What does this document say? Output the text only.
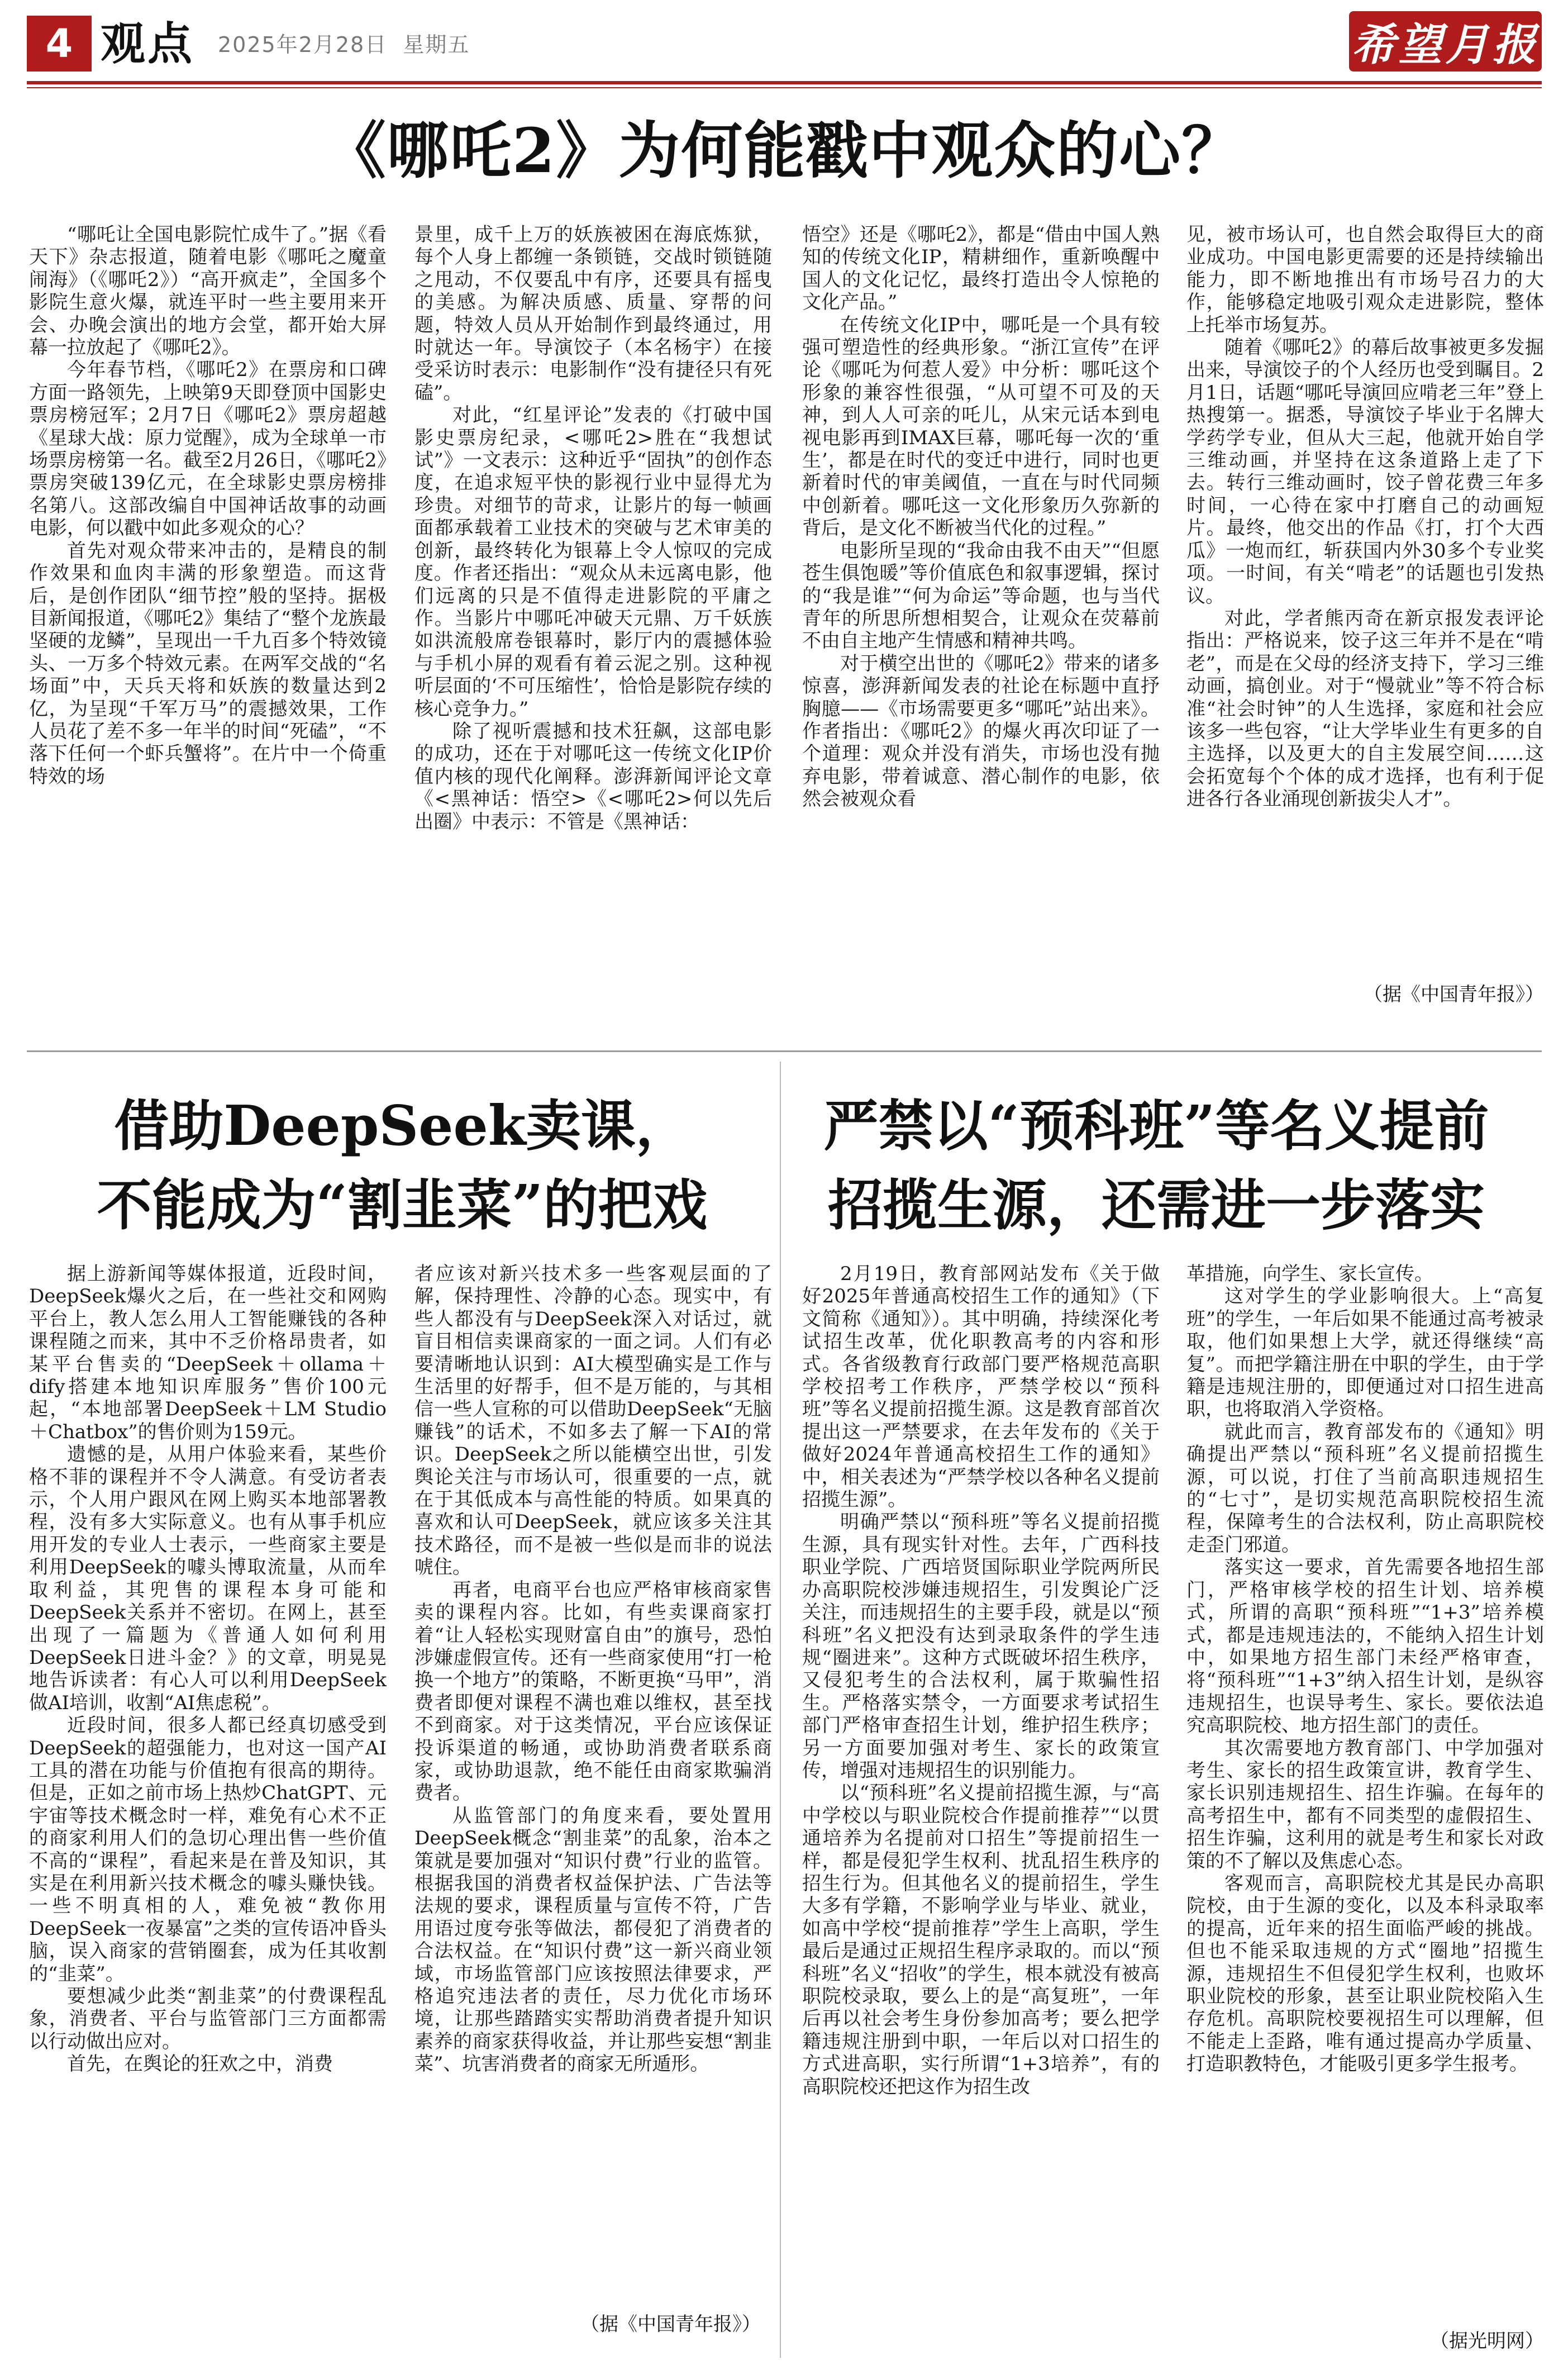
4 观点 2025年2月28日 星期五	希望月报
《哪吒2》为何能戳中观众的心？

“哪吒让全国电影院忙成牛了。”据《看天下》杂志报道，随着电影《哪吒之魔童闹海》（《哪吒2》）“高开疯走”，全国多个影院生意火爆，就连平时一些主要用来开会、办晚会演出的地方会堂，都开始大屏幕一拉放起了《哪吒2》。

今年春节档，《哪吒2》在票房和口碑方面一路领先，上映第9天即登顶中国影史票房榜冠军；2月7日《哪吒2》票房超越《星球大战：原力觉醒》，成为全球单一市场票房榜第一名。截至2月26日，《哪吒2》票房突破139亿元，在全球影史票房榜排名第八。这部改编自中国神话故事的动画电影，何以戳中如此多观众的心？

首先对观众带来冲击的，是精良的制作效果和血肉丰满的形象塑造。而这背后，是创作团队“细节控”般的坚持。据极目新闻报道，《哪吒2》集结了“整个龙族最坚硬的龙鳞”，呈现出一千九百多个特效镜头、一万多个特效元素。在两军交战的“名场面”中，天兵天将和妖族的数量达到2亿，为呈现“千军万马”的震撼效果，工作人员花了差不多一年半的时间“死磕”，“不落下任何一个虾兵蟹将”。在片中一个倚重特效的场

景里，成千上万的妖族被困在海底炼狱，每个人身上都缠一条锁链，交战时锁链随之甩动，不仅要乱中有序，还要具有摇曳的美感。为解决质感、质量、穿帮的问题，特效人员从开始制作到最终通过，用时就达一年。导演饺子（本名杨宇）在接受采访时表示：电影制作“没有捷径只有死磕”。

对此，“红星评论”发表的《打破中国影史票房纪录，<哪吒2>胜在“我想试试”》一文表示：这种近乎“固执”的创作态度，在追求短平快的影视行业中显得尤为珍贵。对细节的苛求，让影片的每一帧画面都承载着工业技术的突破与艺术审美的创新，最终转化为银幕上令人惊叹的完成度。作者还指出：“观众从未远离电影，他们远离的只是不值得走进影院的平庸之作。当影片中哪吒冲破天元鼎、万千妖族如洪流般席卷银幕时，影厅内的震撼体验与手机小屏的观看有着云泥之别。这种视听层面的‘不可压缩性’，恰恰是影院存续的核心竞争力。”

除了视听震撼和技术狂飙，这部电影的成功，还在于对哪吒这一传统文化IP价值内核的现代化阐释。澎湃新闻评论文章《<黑神话：悟空>《<哪吒2>何以先后出圈》中表示：不管是《黑神话：

悟空》还是《哪吒2》，都是“借由中国人熟知的传统文化IP，精耕细作，重新唤醒中国人的文化记忆，最终打造出令人惊艳的文化产品。”

在传统文化IP中，哪吒是一个具有较强可塑造性的经典形象。“浙江宣传”在评论《哪吒为何惹人爱》中分析：哪吒这个形象的兼容性很强，“从可望不可及的天神，到人人可亲的吒儿，从宋元话本到电视电影再到IMAX巨幕，哪吒每一次的‘重生’，都是在时代的变迁中进行，同时也更新着时代的审美阈值，一直在与时代同频中创新着。哪吒这一文化形象历久弥新的背后，是文化不断被当代化的过程。”

电影所呈现的“我命由我不由天”“但愿苍生俱饱暖”等价值底色和叙事逻辑，探讨的“我是谁”“何为命运”等命题，也与当代青年的所思所想相契合，让观众在荧幕前不由自主地产生情感和精神共鸣。

对于横空出世的《哪吒2》带来的诸多惊喜，澎湃新闻发表的社论在标题中直抒胸臆——《市场需要更多“哪吒”站出来》。作者指出：《哪吒2》的爆火再次印证了一个道理：观众并没有消失，市场也没有抛弃电影，带着诚意、潜心制作的电影，依然会被观众看

见，被市场认可，也自然会取得巨大的商业成功。中国电影更需要的还是持续输出能力，即不断地推出有市场号召力的大作，能够稳定地吸引观众走进影院，整体上托举市场复苏。

随着《哪吒2》的幕后故事被更多发掘出来，导演饺子的个人经历也受到瞩目。2月1日，话题“哪吒导演回应啃老三年”登上热搜第一。据悉，导演饺子毕业于名牌大学药学专业，但从大三起，他就开始自学三维动画，并坚持在这条道路上走了下去。转行三维动画时，饺子曾花费三年多时间，一心待在家中打磨自己的动画短片。最终，他交出的作品《打，打个大西瓜》一炮而红，斩获国内外30多个专业奖项。一时间，有关“啃老”的话题也引发热议。

对此，学者熊丙奇在新京报发表评论指出：严格说来，饺子这三年并不是在“啃老”，而是在父母的经济支持下，学习三维动画，搞创业。对于“慢就业”等不符合标准“社会时钟”的人生选择，家庭和社会应该多一些包容，“让大学毕业生有更多的自主选择，以及更大的自主发展空间……这会拓宽每个个体的成才选择，也有利于促进各行各业涌现创新拔尖人才”。

（据《中国青年报》）
借助DeepSeek卖课，
不能成为“割韭菜”的把戏

据上游新闻等媒体报道，近段时间，DeepSeek爆火之后，在一些社交和网购平台上，教人怎么用人工智能赚钱的各种课程随之而来，其中不乏价格昂贵者，如某平台售卖的“DeepSeek＋ollama＋dify搭建本地知识库服务”售价100元起，“本地部署DeepSeek＋LM Studio＋Chatbox”的售价则为159元。

遗憾的是，从用户体验来看，某些价格不菲的课程并不令人满意。有受访者表示，个人用户跟风在网上购买本地部署教程，没有多大实际意义。也有从事手机应用开发的专业人士表示，一些商家主要是利用DeepSeek的噱头博取流量，从而牟取利益，其兜售的课程本身可能和DeepSeek关系并不密切。在网上，甚至出现了一篇题为《普通人如何利用DeepSeek日进斗金？》的文章，明晃晃地告诉读者：有心人可以利用DeepSeek做AI培训，收割“AI焦虑税”。

近段时间，很多人都已经真切感受到DeepSeek的超强能力，也对这一国产AI工具的潜在功能与价值抱有很高的期待。但是，正如之前市场上热炒ChatGPT、元宇宙等技术概念时一样，难免有心术不正的商家利用人们的急切心理出售一些价值不高的“课程”，看起来是在普及知识，其实是在利用新兴技术概念的噱头赚快钱。一些不明真相的人，难免被“教你用DeepSeek一夜暴富”之类的宣传语冲昏头脑，误入商家的营销圈套，成为任其收割的“韭菜”。

要想减少此类“割韭菜”的付费课程乱象，消费者、平台与监管部门三方面都需以行动做出应对。

首先，在舆论的狂欢之中，消费

者应该对新兴技术多一些客观层面的了解，保持理性、冷静的心态。现实中，有些人都没有与DeepSeek深入对话过，就盲目相信卖课商家的一面之词。人们有必要清晰地认识到：AI大模型确实是工作与生活里的好帮手，但不是万能的，与其相信一些人宣称的可以借助DeepSeek“无脑赚钱”的话术，不如多去了解一下AI的常识。DeepSeek之所以能横空出世，引发舆论关注与市场认可，很重要的一点，就在于其低成本与高性能的特质。如果真的喜欢和认可DeepSeek，就应该多关注其技术路径，而不是被一些似是而非的说法唬住。

再者，电商平台也应严格审核商家售卖的课程内容。比如，有些卖课商家打着“让人轻松实现财富自由”的旗号，恐怕涉嫌虚假宣传。还有一些商家使用“打一枪换一个地方”的策略，不断更换“马甲”，消费者即便对课程不满也难以维权，甚至找不到商家。对于这类情况，平台应该保证投诉渠道的畅通，或协助消费者联系商家，或协助退款，绝不能任由商家欺骗消费者。

从监管部门的角度来看，要处置用DeepSeek概念“割韭菜”的乱象，治本之策就是要加强对“知识付费”行业的监管。根据我国的消费者权益保护法、广告法等法规的要求，课程质量与宣传不符，广告用语过度夸张等做法，都侵犯了消费者的合法权益。在“知识付费”这一新兴商业领域，市场监管部门应该按照法律要求，严格追究违法者的责任，尽力优化市场环境，让那些踏踏实实帮助消费者提升知识素养的商家获得收益，并让那些妄想“割韭菜”、坑害消费者的商家无所遁形。

（据《中国青年报》）
严禁以“预科班”等名义提前
招揽生源，还需进一步落实

2月19日，教育部网站发布《关于做好2025年普通高校招生工作的通知》（下文简称《通知》）。其中明确，持续深化考试招生改革，优化职教高考的内容和形式。各省级教育行政部门要严格规范高职学校招考工作秩序，严禁学校以“预科班”等名义提前招揽生源。这是教育部首次提出这一严禁要求，在去年发布的《关于做好2024年普通高校招生工作的通知》中，相关表述为“严禁学校以各种名义提前招揽生源”。

明确严禁以“预科班”等名义提前招揽生源，具有现实针对性。去年，广西科技职业学院、广西培贤国际职业学院两所民办高职院校涉嫌违规招生，引发舆论广泛关注，而违规招生的主要手段，就是以“预科班”名义把没有达到录取条件的学生违规“圈进来”。这种方式既破坏招生秩序，又侵犯考生的合法权利，属于欺骗性招生。严格落实禁令，一方面要求考试招生部门严格审查招生计划，维护招生秩序；另一方面要加强对考生、家长的政策宣传，增强对违规招生的识别能力。

以“预科班”名义提前招揽生源，与“高中学校以与职业院校合作提前推荐”“以贯通培养为名提前对口招生”等提前招生一样，都是侵犯学生权利、扰乱招生秩序的招生行为。但其他名义的提前招生，学生大多有学籍，不影响学业与毕业、就业，如高中学校“提前推荐”学生上高职，学生最后是通过正规招生程序录取的。而以“预科班”名义“招收”的学生，根本就没有被高职院校录取，要么上的是“高复班”，一年后再以社会考生身份参加高考；要么把学籍违规注册到中职，一年后以对口招生的方式进高职，实行所谓“1+3培养”，有的高职院校还把这作为招生改

革措施，向学生、家长宣传。

这对学生的学业影响很大。上“高复班”的学生，一年后如果不能通过高考被录取，他们如果想上大学，就还得继续“高复”。而把学籍注册在中职的学生，由于学籍是违规注册的，即便通过对口招生进高职，也将取消入学资格。

就此而言，教育部发布的《通知》明确提出严禁以“预科班”名义提前招揽生源，可以说，打住了当前高职违规招生的“七寸”，是切实规范高职院校招生流程，保障考生的合法权利，防止高职院校走歪门邪道。

落实这一要求，首先需要各地招生部门，严格审核学校的招生计划、培养模式，所谓的高职“预科班”“1+3”培养模式，都是违规违法的，不能纳入招生计划中，如果地方招生部门未经严格审查，将“预科班”“1+3”纳入招生计划，是纵容违规招生，也误导考生、家长。要依法追究高职院校、地方招生部门的责任。

其次需要地方教育部门、中学加强对考生、家长的招生政策宣讲，教育学生、家长识别违规招生、招生诈骗。在每年的高考招生中，都有不同类型的虚假招生、招生诈骗，这利用的就是考生和家长对政策的不了解以及焦虑心态。

客观而言，高职院校尤其是民办高职院校，由于生源的变化，以及本科录取率的提高，近年来的招生面临严峻的挑战。但也不能采取违规的方式“圈地”招揽生源，违规招生不但侵犯学生权利，也败坏职业院校的形象，甚至让职业院校陷入生存危机。高职院校要视招生可以理解，但不能走上歪路，唯有通过提高办学质量、打造职教特色，才能吸引更多学生报考。

（据光明网）
